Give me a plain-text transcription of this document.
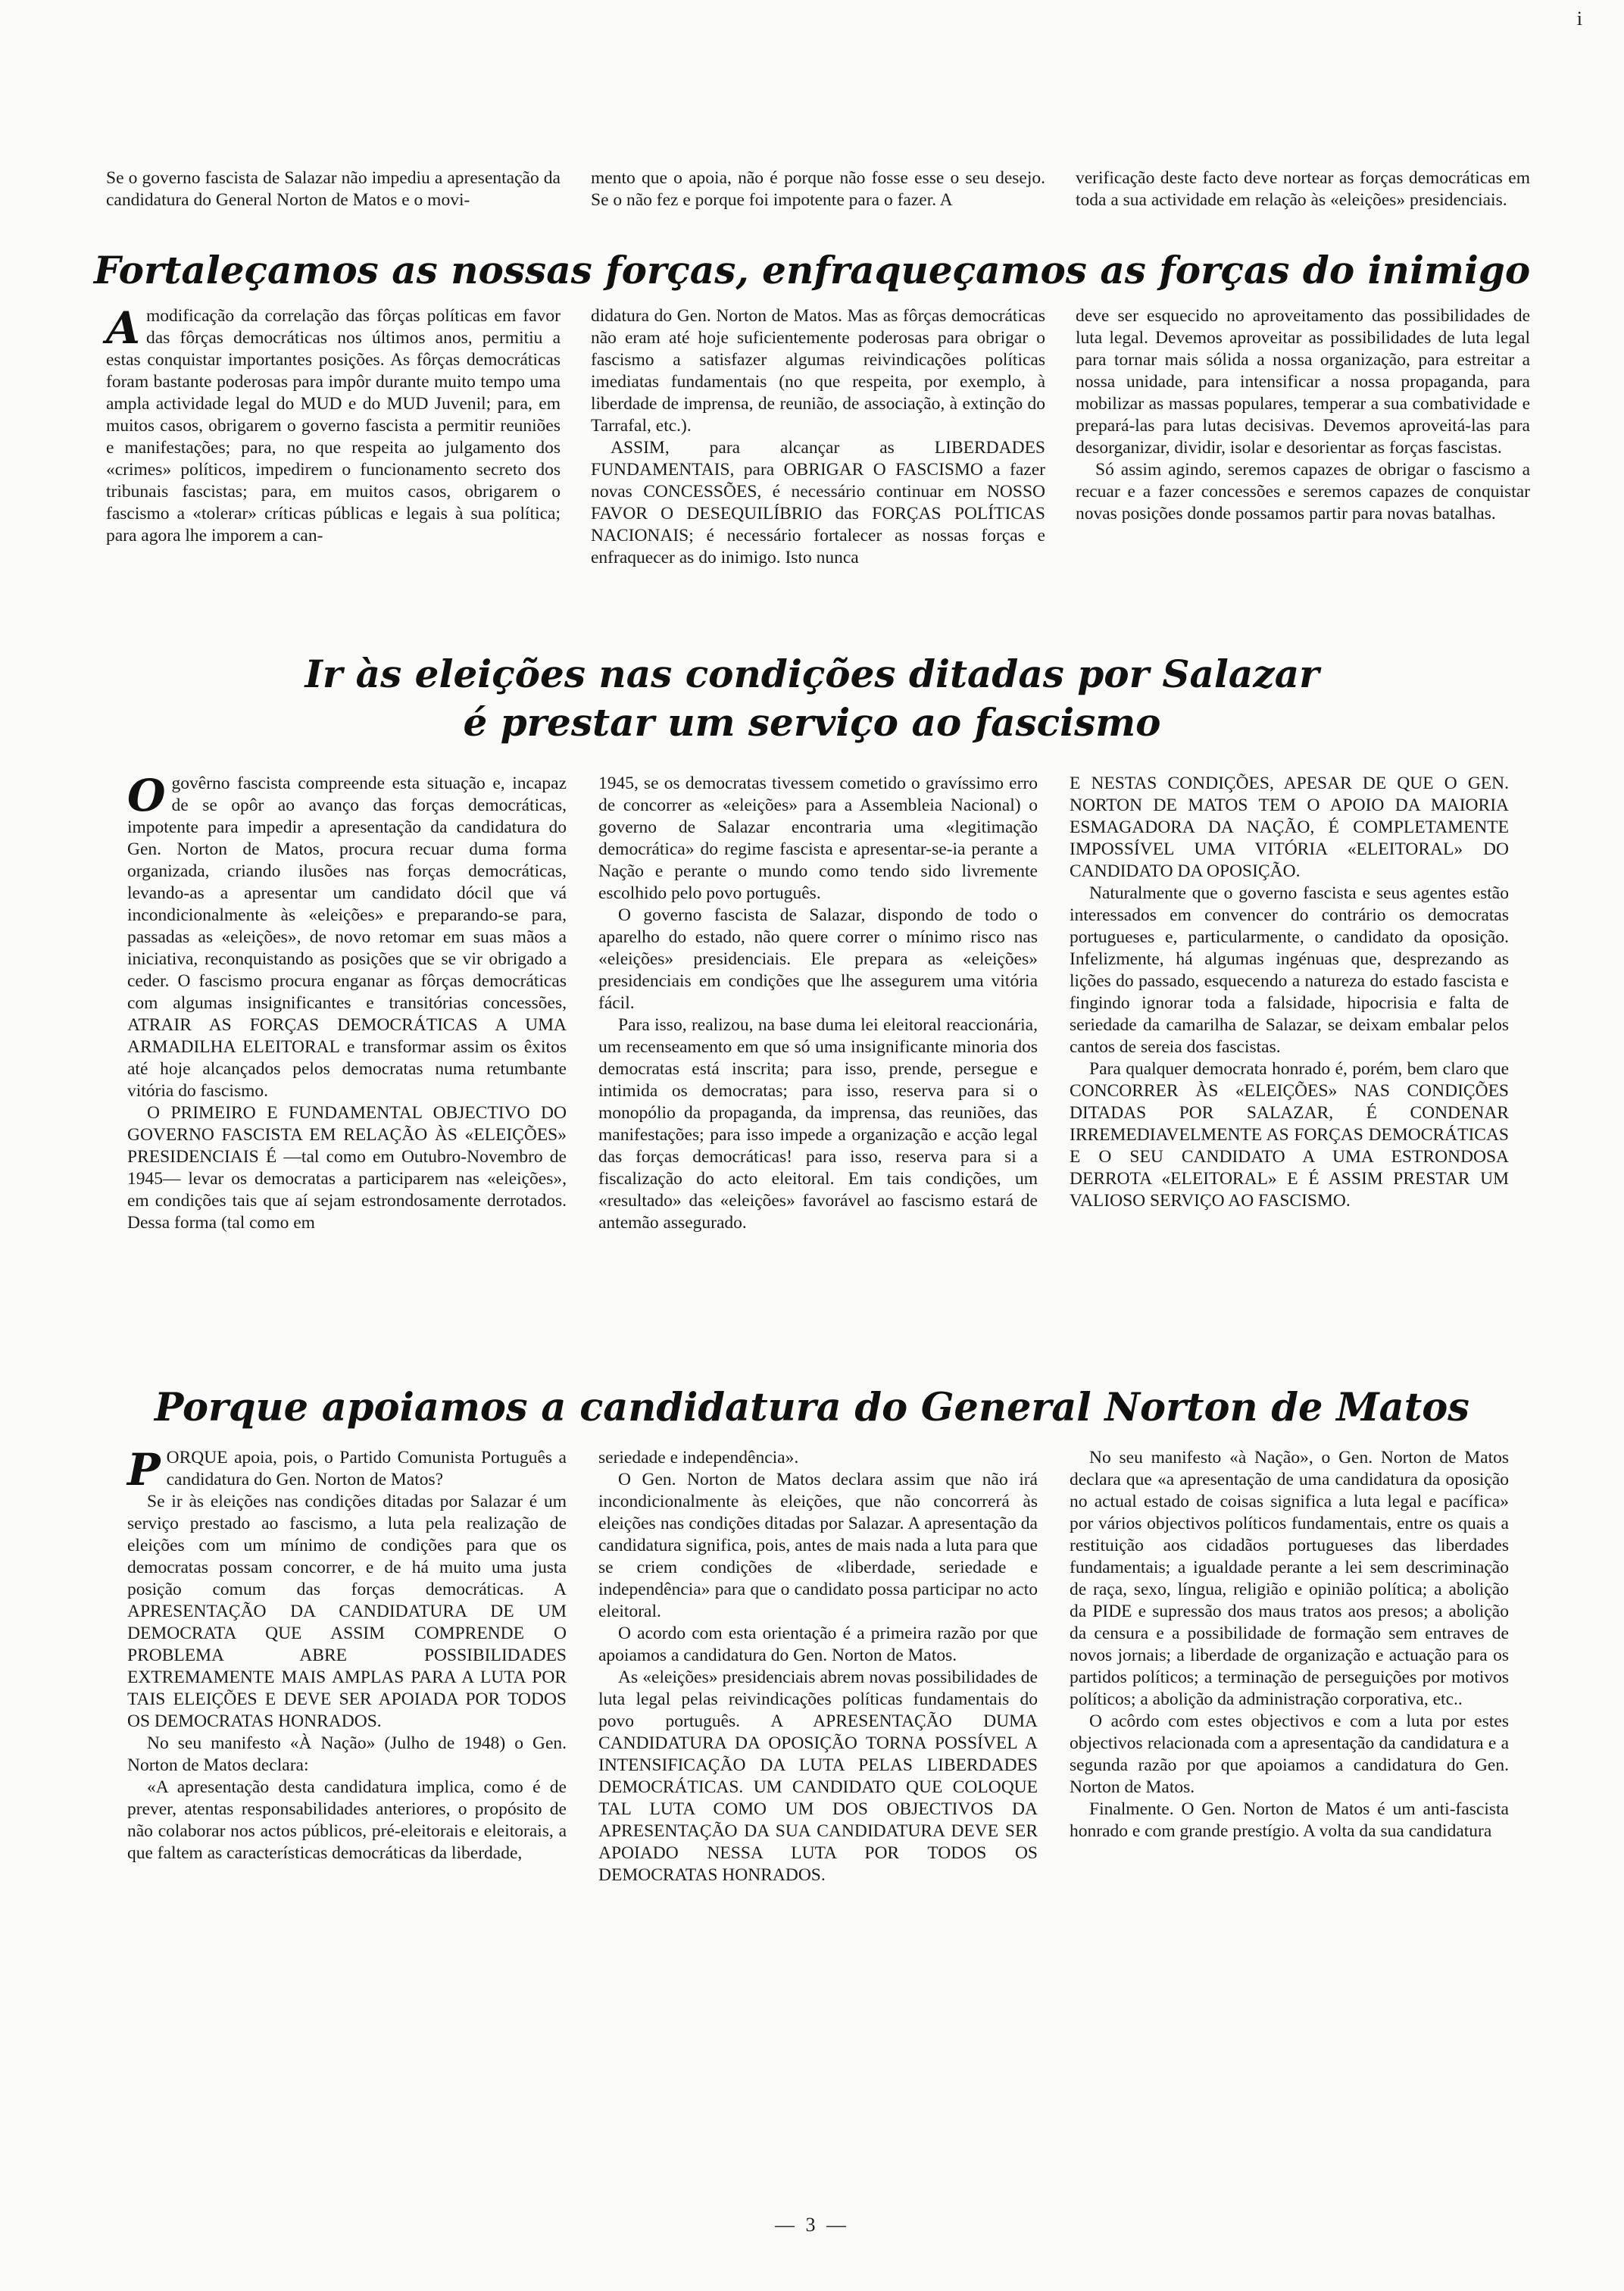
i

Se o governo fascista de Salazar não impediu a apresentação da candidatura do General Norton de Matos e o movi-

mento que o apoia, não é porque não fosse esse o seu desejo. Se o não fez e porque foi impotente para o fazer. A

verificação deste facto deve nortear as forças democráticas em toda a sua actividade em relação às «eleições» presidenciais.

Fortaleçamos as nossas forças, enfraqueçamos as forças do inimigo
A modificação da correlação das fôrças políticas em favor das fôrças democráticas nos últimos anos, permitiu a estas conquistar importantes posições. As fôrças democráticas foram bastante poderosas para impôr durante muito tempo uma ampla actividade legal do MUD e do MUD Juvenil; para, em muitos casos, obrigarem o governo fascista a permitir reuniões e manifestações; para, no que respeita ao julgamento dos «crimes» políticos, impedirem o funcionamento secreto dos tribunais fascistas; para, em muitos casos, obrigarem o fascismo a «tolerar» críticas públicas e legais à sua política; para agora lhe imporem a can-

didatura do Gen. Norton de Matos. Mas as fôrças democráticas não eram até hoje suficientemente poderosas para obrigar o fascismo a satisfazer algumas reivindicações políticas imediatas fundamentais (no que respeita, por exemplo, à liberdade de imprensa, de reunião, de associação, à extinção do Tarrafal, etc.).

ASSIM, para alcançar as LIBERDADES FUNDAMENTAIS, para OBRIGAR O FASCISMO a fazer novas CONCESSÕES, é necessário continuar em NOSSO FAVOR O DESEQUILÍBRIO das FORÇAS POLÍTICAS NACIONAIS; é necessário fortalecer as nossas forças e enfraquecer as do inimigo. Isto nunca

deve ser esquecido no aproveitamento das possibilidades de luta legal. Devemos aproveitar as possibilidades de luta legal para tornar mais sólida a nossa organização, para estreitar a nossa unidade, para intensificar a nossa propaganda, para mobilizar as massas populares, temperar a sua combatividade e prepará-las para lutas decisivas. Devemos aproveitá-las para desorganizar, dividir, isolar e desorientar as forças fascistas.

Só assim agindo, seremos capazes de obrigar o fascismo a recuar e a fazer concessões e seremos capazes de conquistar novas posições donde possamos partir para novas batalhas.

Ir às eleições nas condições ditadas por Salazar
é prestar um serviço ao fascismo
O govêrno fascista compreende esta situação e, incapaz de se opôr ao avanço das forças democráticas, impotente para impedir a apresentação da candidatura do Gen. Norton de Matos, procura recuar duma forma organizada, criando ilusões nas forças democráticas, levando-as a apresentar um candidato dócil que vá incondicionalmente às «eleições» e preparando-se para, passadas as «eleições», de novo retomar em suas mãos a iniciativa, reconquistando as posições que se vir obrigado a ceder. O fascismo procura enganar as fôrças democráticas com algumas insignificantes e transitórias concessões, ATRAIR AS FORÇAS DEMOCRÁTICAS A UMA ARMADILHA ELEITORAL e transformar assim os êxitos até hoje alcançados pelos democratas numa retumbante vitória do fascismo.

O PRIMEIRO E FUNDAMENTAL OBJECTIVO DO GOVERNO FASCISTA EM RELAÇÃO ÀS «ELEIÇÕES» PRESIDENCIAIS É —tal como em Outubro-Novembro de 1945— levar os democratas a participarem nas «eleições», em condições tais que aí sejam estrondosamente derrotados. Dessa forma (tal como em

1945, se os democratas tivessem cometido o gravíssimo erro de concorrer as «eleições» para a Assembleia Nacional) o governo de Salazar encontraria uma «legitimação democrática» do regime fascista e apresentar-se-ia perante a Nação e perante o mundo como tendo sido livremente escolhido pelo povo português.

O governo fascista de Salazar, dispondo de todo o aparelho do estado, não quere correr o mínimo risco nas «eleições» presidenciais. Ele prepara as «eleições» presidenciais em condições que lhe assegurem uma vitória fácil.

Para isso, realizou, na base duma lei eleitoral reaccionária, um recenseamento em que só uma insignificante minoria dos democratas está inscrita; para isso, prende, persegue e intimida os democratas; para isso, reserva para si o monopólio da propaganda, da imprensa, das reuniões, das manifestações; para isso impede a organização e acção legal das forças democráticas! para isso, reserva para si a fiscalização do acto eleitoral. Em tais condições, um «resultado» das «eleições» favorável ao fascismo estará de antemão assegurado.

E NESTAS CONDIÇÕES, APESAR DE QUE O GEN. NORTON DE MATOS TEM O APOIO DA MAIORIA ESMAGADORA DA NAÇÃO, É COMPLETAMENTE IMPOSSÍVEL UMA VITÓRIA «ELEITORAL» DO CANDIDATO DA OPOSIÇÃO.

Naturalmente que o governo fascista e seus agentes estão interessados em convencer do contrário os democratas portugueses e, particularmente, o candidato da oposição. Infelizmente, há algumas ingénuas que, desprezando as lições do passado, esquecendo a natureza do estado fascista e fingindo ignorar toda a falsidade, hipocrisia e falta de seriedade da camarilha de Salazar, se deixam embalar pelos cantos de sereia dos fascistas.

Para qualquer democrata honrado é, porém, bem claro que CONCORRER ÀS «ELEIÇÕES» NAS CONDIÇÕES DITADAS POR SALAZAR, É CONDENAR IRREMEDIAVELMENTE AS FORÇAS DEMOCRÁTICAS E O SEU CANDIDATO A UMA ESTRONDOSA DERROTA «ELEITORAL» E É ASSIM PRESTAR UM VALIOSO SERVIÇO AO FASCISMO.

Porque apoiamos a candidatura do General Norton de Matos
P ORQUE apoia, pois, o Partido Comunista Português a candidatura do Gen. Norton de Matos?

Se ir às eleições nas condições ditadas por Salazar é um serviço prestado ao fascismo, a luta pela realização de eleições com um mínimo de condições para que os democratas possam concorrer, e de há muito uma justa posição comum das forças democráticas. A APRESENTAÇÃO DA CANDIDATURA DE UM DEMOCRATA QUE ASSIM COMPRENDE O PROBLEMA ABRE POSSIBILIDADES EXTREMAMENTE MAIS AMPLAS PARA A LUTA POR TAIS ELEIÇÕES E DEVE SER APOIADA POR TODOS OS DEMOCRATAS HONRADOS.

No seu manifesto «À Nação» (Julho de 1948) o Gen. Norton de Matos declara:

«A apresentação desta candidatura implica, como é de prever, atentas responsabilidades anteriores, o propósito de não colaborar nos actos públicos, pré-eleitorais e eleitorais, a que faltem as características democráticas da liberdade,

seriedade e independência».

O Gen. Norton de Matos declara assim que não irá incondicionalmente às eleições, que não concorrerá às eleições nas condições ditadas por Salazar. A apresentação da candidatura significa, pois, antes de mais nada a luta para que se criem condições de «liberdade, seriedade e independência» para que o candidato possa participar no acto eleitoral.

O acordo com esta orientação é a primeira razão por que apoiamos a candidatura do Gen. Norton de Matos.

As «eleições» presidenciais abrem novas possibilidades de luta legal pelas reivindicações políticas fundamentais do povo português. A APRESENTAÇÃO DUMA CANDIDATURA DA OPOSIÇÃO TORNA POSSÍVEL A INTENSIFICAÇÃO DA LUTA PELAS LIBERDADES DEMOCRÁTICAS. UM CANDIDATO QUE COLOQUE TAL LUTA COMO UM DOS OBJECTIVOS DA APRESENTAÇÃO DA SUA CANDIDATURA DEVE SER APOIADO NESSA LUTA POR TODOS OS DEMOCRATAS HONRADOS.

No seu manifesto «à Nação», o Gen. Norton de Matos declara que «a apresentação de uma candidatura da oposição no actual estado de coisas significa a luta legal e pacífica» por vários objectivos políticos fundamentais, entre os quais a restituição aos cidadãos portugueses das liberdades fundamentais; a igualdade perante a lei sem descriminação de raça, sexo, língua, religião e opinião política; a abolição da PIDE e supressão dos maus tratos aos presos; a abolição da censura e a possibilidade de formação sem entraves de novos jornais; a liberdade de organização e actuação para os partidos políticos; a terminação de perseguições por motivos políticos; a abolição da administração corporativa, etc..

O acôrdo com estes objectivos e com a luta por estes objectivos relacionada com a apresentação da candidatura e a segunda razão por que apoiamos a candidatura do Gen. Norton de Matos.

Finalmente. O Gen. Norton de Matos é um anti-fascista honrado e com grande prestígio. A volta da sua candidatura

— 3 —
